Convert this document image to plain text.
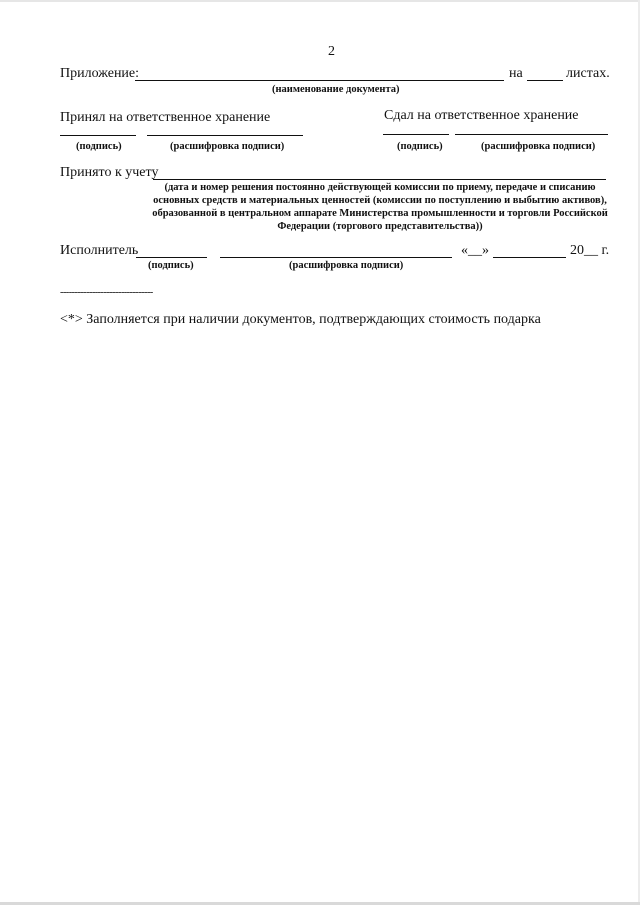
2
Приложение:	на	листах.
(наименование документа)
Принял на ответственное хранение	Сдал на ответственное хранение
(подпись)	(расшифровка подписи)	(подпись)	(расшифровка подписи)
Принято к учету
(дата и номер решения постоянно действующей комиссии по приему, передаче и списанию
основных средств и материальных ценностей (комиссии по поступлению и выбытию активов),
образованной в центральном аппарате Министерства промышленности и торговли Российской
Федерации (торгового представительства))
Исполнитель	«__»	20__ г.
(подпись)	(расшифровка подписи)
--------------------------------
<*> Заполняется при наличии документов, подтверждающих стоимость подарка
